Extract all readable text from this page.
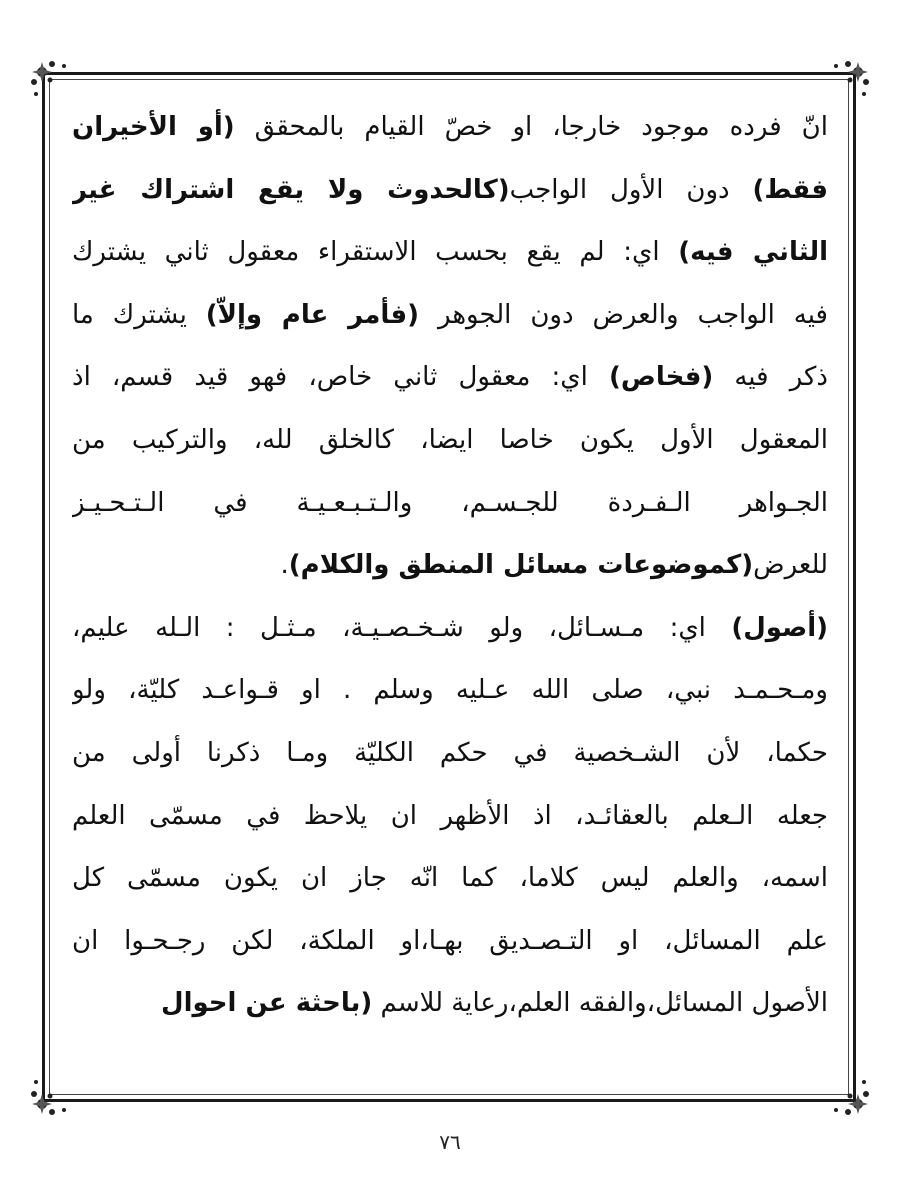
انّ فرده موجود خارجا، او خصّ القيام بالمحقق (أو الأخيران
فقط) دون الأول الواجب(كالحدوث ولا يقع اشتراك غير
الثاني فيه) اي: لم يقع بحسب الاستقراء معقول ثاني يشترك
فيه الواجب والعرض دون الجوهر (فأمر عام وإلاّ) يشترك ما
ذكر فيه (فخاص) اي: معقول ثاني خاص، فهو قيد قسم، اذ
المعقول الأول يكون خاصا ايضا، كالخلق لله، والتركيب من
الجـواهر الـفـردة للجـسـم، والـتـبـعـيـة في الـتـحـيـز
للعرض(كموضوعات مسائل المنطق والكلام).
(أصول) اي: مـسـائل، ولو شـخـصـيـة، مـثـل : الـله عليم،
ومـحـمـد نبي، صلى الله عـليه وسلم . او قـواعـد كليّة، ولو
حكما، لأن الشـخصية في حكم الكليّة ومـا ذكرنا أولى من
جعله الـعلم بالعقائـد، اذ الأظهر ان يلاحظ في مسمّى العلم
اسمه، والعلم ليس كلاما، كما انّه جاز ان يكون مسمّى كل
علم المسائل، او التـصـديق بهـا،او الملكة، لكن رجـحـوا ان
الأصول المسائل،والفقه العلم،رعاية للاسم (باحثة عن احوال
٧٦
